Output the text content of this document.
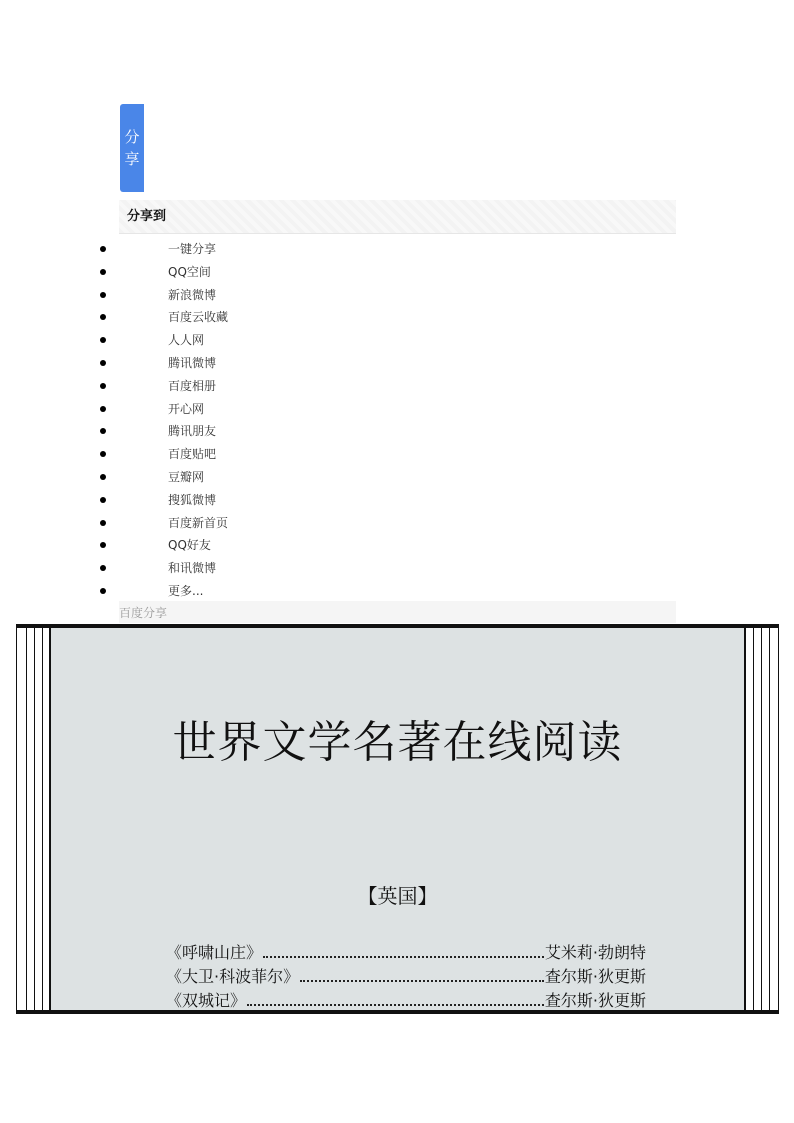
分
享
分享到
一键分享
QQ空间
新浪微博
百度云收藏
人人网
腾讯微博
百度相册
开心网
腾讯朋友
百度贴吧
豆瓣网
搜狐微博
百度新首页
QQ好友
和讯微博
更多...
百度分享
世界文学名著在线阅读
【英国】
《呼啸山庄》	艾米莉·勃朗特
《大卫·科波菲尔》	查尔斯·狄更斯
《双城记》	查尔斯·狄更斯
